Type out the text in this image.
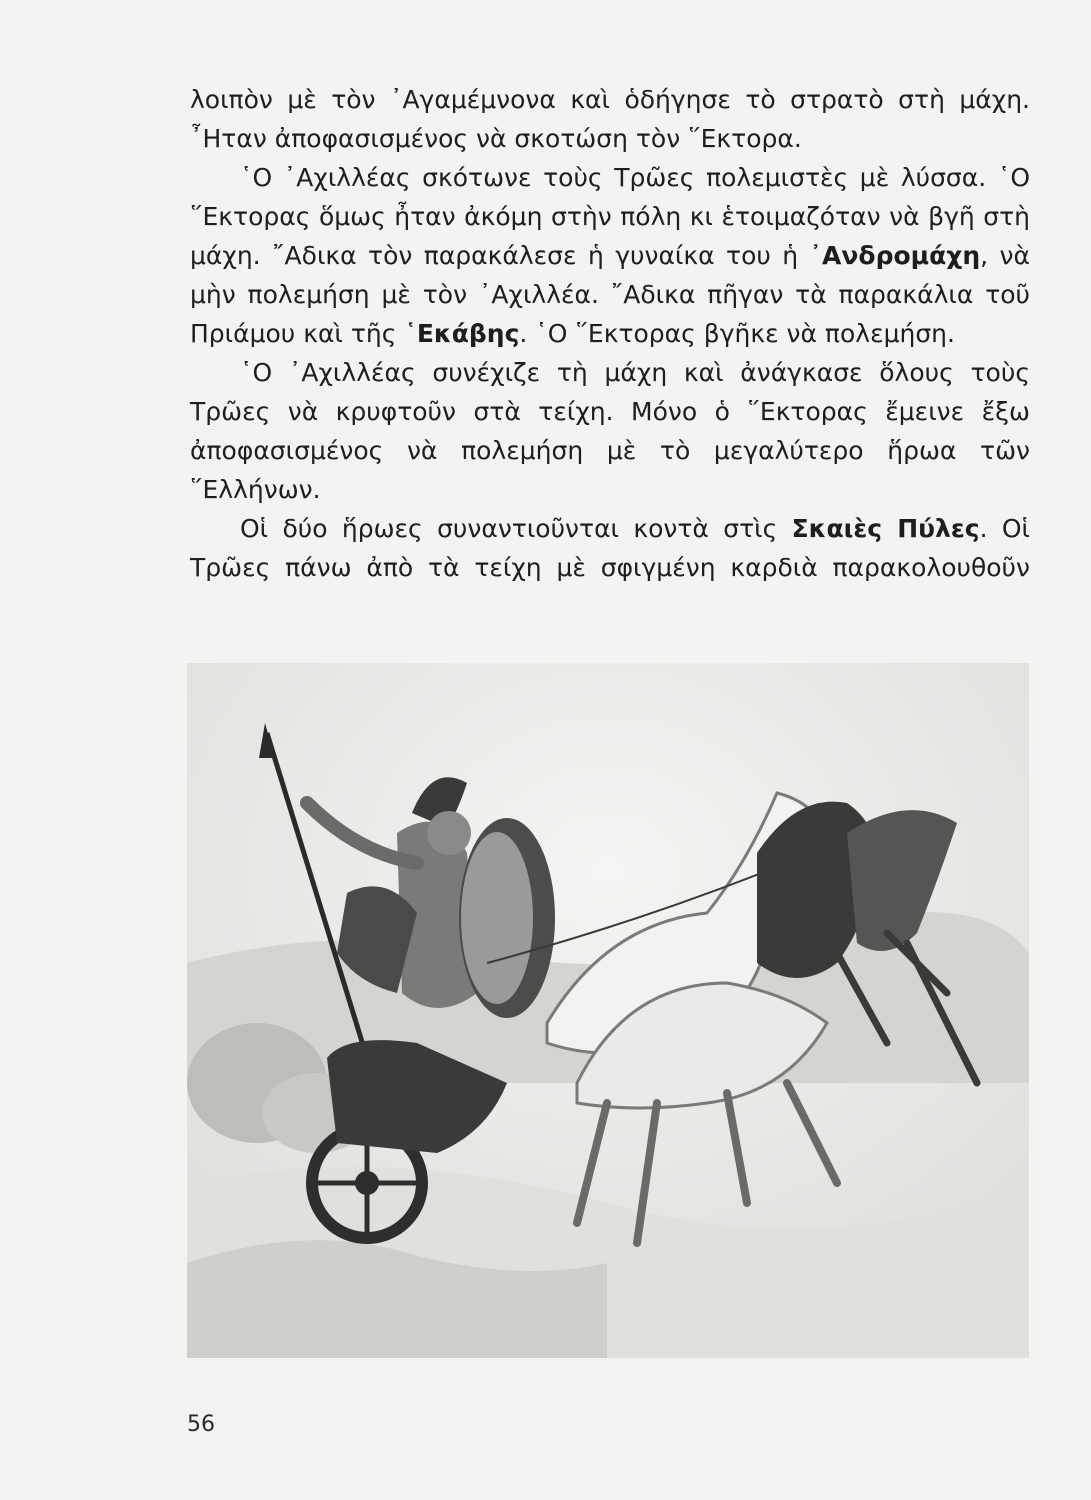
λοιπὸν μὲ τὸν ᾿Αγαμέμνονα καὶ ὁδήγησε τὸ στρατὸ στὴ μάχη.
῏Ηταν ἀποφασισμένος νὰ σκοτώση τὸν ῞Εκτορα.
῾Ο ᾿Αχιλλέας σκότωνε τοὺς Τρῶες πολεμιστὲς μὲ λύσσα. ῾Ο
῞Εκτορας ὅμως ἦταν ἀκόμη στὴν πόλη κι ἑτοιμαζόταν νὰ βγῆ στὴ
μάχη. ῎Αδικα τὸν παρακάλεσε ἡ γυναίκα του ἡ ᾿Ανδρομάχη, νὰ
μὴν πολεμήση μὲ τὸν ᾿Αχιλλέα. ῎Αδικα πῆγαν τὰ παρακάλια τοῦ
Πριάμου καὶ τῆς ῾Εκάβης. ῾Ο ῞Εκτορας βγῆκε νὰ πολεμήση.
῾Ο ᾿Αχιλλέας συνέχιζε τὴ μάχη καὶ ἀνάγκασε ὅλους τοὺς
Τρῶες νὰ κρυφτοῦν στὰ τείχη. Μόνο ὁ ῞Εκτορας ἔμεινε ἔξω
ἀποφασισμένος νὰ πολεμήση μὲ τὸ μεγαλύτερο ἥρωα τῶν
῞Ελλήνων.
Οἱ δύο ἥρωες συναντιοῦνται κοντὰ στὶς Σκαιὲς Πύλες. Οἱ
Τρῶες πάνω ἀπὸ τὰ τείχη μὲ σφιγμένη καρδιὰ παρακολουθοῦν
56
